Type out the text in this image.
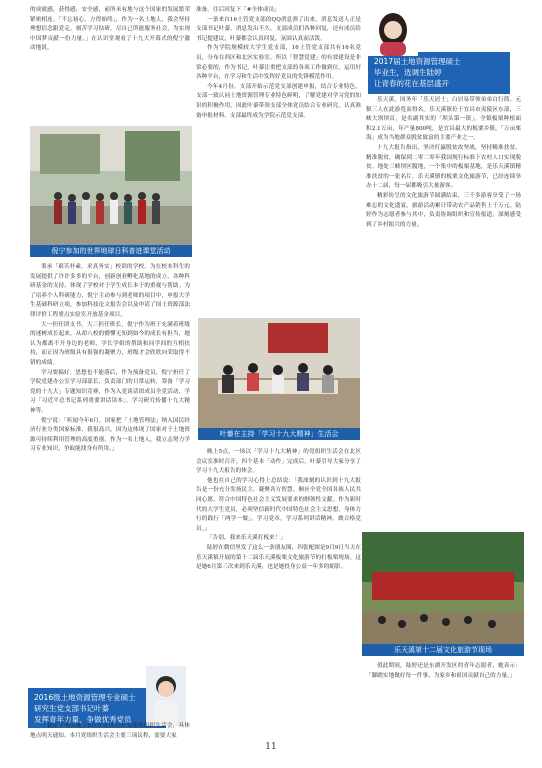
的成就感，获得感，安全感，前所未有地与这个国家的发展繁荣紧密相连。「不忘初心，方得始终」，作为一名土地人，我会坚持理想信念跟党走，刻苦学习钻研，尽自己所能服务社会，为实现中国梦贡献一份力量。」在认识堂观看了十九大开幕式的倪宁激动地说。

倪宁参加的世界地球日科普进课堂活动

秉承「艰苦朴素，求真务实」校训的学校，为在校本科生的发展提供了许许多多的平台，创新创业孵化基地的成立、各种科研基金的支持、体现了学校对于学生成长本于的重视与帮助。为了培养个人科研能力，倪宁主动参与到老师的项目中，申报大学生基础科研立项，参加科技论文报告会以及申请了国土资源部法律评价工程重点实验室开放基金项目。

大一担任团支书，大三担任班长，倪宁作为班干充满着班级的迷树成长起来，从却八校的懵懂无知到如今的成长有担当，她认为都离不开身边的老师，学长学姐的帮助和同学间的互相扶持，而正因为班级具有很强的凝聚力，班级才会欣欣向荣取得不错的成绩。

学习要搞好，思想也不能落后，作为预备党员，倪宁担任了学院党建办公室学习部部长，负责部门的日常运转，筹备「学习党的十九大」专题知识竞赛，作为入党谈话团成员全党活动、学习「习近平总书记系列重要讲话读本」，学习研究传播十九大精神等。

倪宁说：「听闻今年6月，国家把「土地管理法」纳入国民经济行业分类国家标准，我很高兴，因为这体现了国家对于土地资源可持续利用管理的高度重视。作为一名土地人，我立志努力学习专业知识，争取能找身有所用。」

2016级土地资源管理专业硕士
研究生党支部书记叶蓁
发挥青年力量，争做优秀党员

「初定于明天晚上5点在北区召开支部党组织生活会，具体地点明天通知。本月党组织生活会主要三项议程，需要大家

准备。往后回复下「#全体成员」

一条来自16土管党支部的QQ消息弹了出来，消息发送人正是支部书记叶蓁。消息发出不久，支部成员们各种回复，还有成员给书记提建议，叶蓁都会认真回复，氛围认真而活泼。

作为学院规模较大学生党支部，16土管党支部共有16名党员，分布在西区和北区实验室，所以「智慧党建」的有效建设是非常必要的，作为书记，叶蓁注重把支部的各项工作做到位，运用好各种平台，在学习和生活中发挥好党员的先锋模范作用。

今年4月份，支部开始示范党支部创建申报，结合专业特色，支部一致认同土地资源管理专业特色鲜明，了解党建对学习党的知识的积极作用，因此叶蓁带领支部全体党员结合专业研究，认真准备申报材料，支部最终成为学院示范党支部。

叶蓁在主持「学习十九大精神」生活会

晚上5点，一场以「学习十九大精神」的党组织生活会在北区会议室准时召开。四个基本「动作」完成后，叶蓁引导大家分享了学习十九大报告的体会。

他也在自己的学习心得上总结说：「我深刻的认识到十九大报告是一份充分发扬民主、凝聚各方智慧、顺应全党全国各族人民共同心愿、符合中国特色社会主义发展要求的纲领性文献。作为新时代的大学生党员，必须坚信新时代中国特色社会主义思想，身体力行的践行「两学一做」，学习党章，学习系列讲话精神，做合格党员。」

「告别，我来乐天溪打板来！」

陆婷在微信里发了这么一条朋友圈，四张配图是9月9日当天在乐天溪镇开展的第十二届乐天溪板栗文化旅游节的打板栗现场。这是她6月第三次来到乐天溪，也是她投身公益一年多的缩影。

2017届土地资源管理硕士
毕业生，选调生陆婷
让青春的花在基层盛开

乐天溪，国务年「乐天居士」白居易带领弟弟白行简、元稹三人在此游览而得名。乐天溪镇位于宜昌市夷陵区东部，三峡大坝坝首，是名副其实的「坝头第一镇」。全镇板栗种植面积2.1万亩，年产量800吨，是宜昌最大的板栗乡镇，「万亩栗海」成为当地群众脱贫致富的主要产业之一。

十九大报告指出，坚决打赢脱贫攻坚战，坚持精准扶贫、精准脱贫，确保到二零二零年我国现行标准下农村人口实现脱贫。地处三峡坝区腹地，一个集中的板栗基地，是乐天溪镇精准扶贫的一张名片，乐天溪镇的板栗文化旅游节，已经连续举办十二届，每一届都吸引大量游客。

精彩纷呈的文化旅游节圆满结束，三千多游客享受了一场难忘的文化盛宴，旅游活动累计带动农产品销售上千万元。陆婷作为志愿者参与其中，负责协调组织和宣传报道，深刻感受到了乡村振兴的力量。

乐天溪第十二届文化旅游节现场

值此期间，陆婷还是东湖开发区的青年志愿者，她表示：「脚踏实地做好每一件事，为家乡和祖国贡献自己的力量。」

11
